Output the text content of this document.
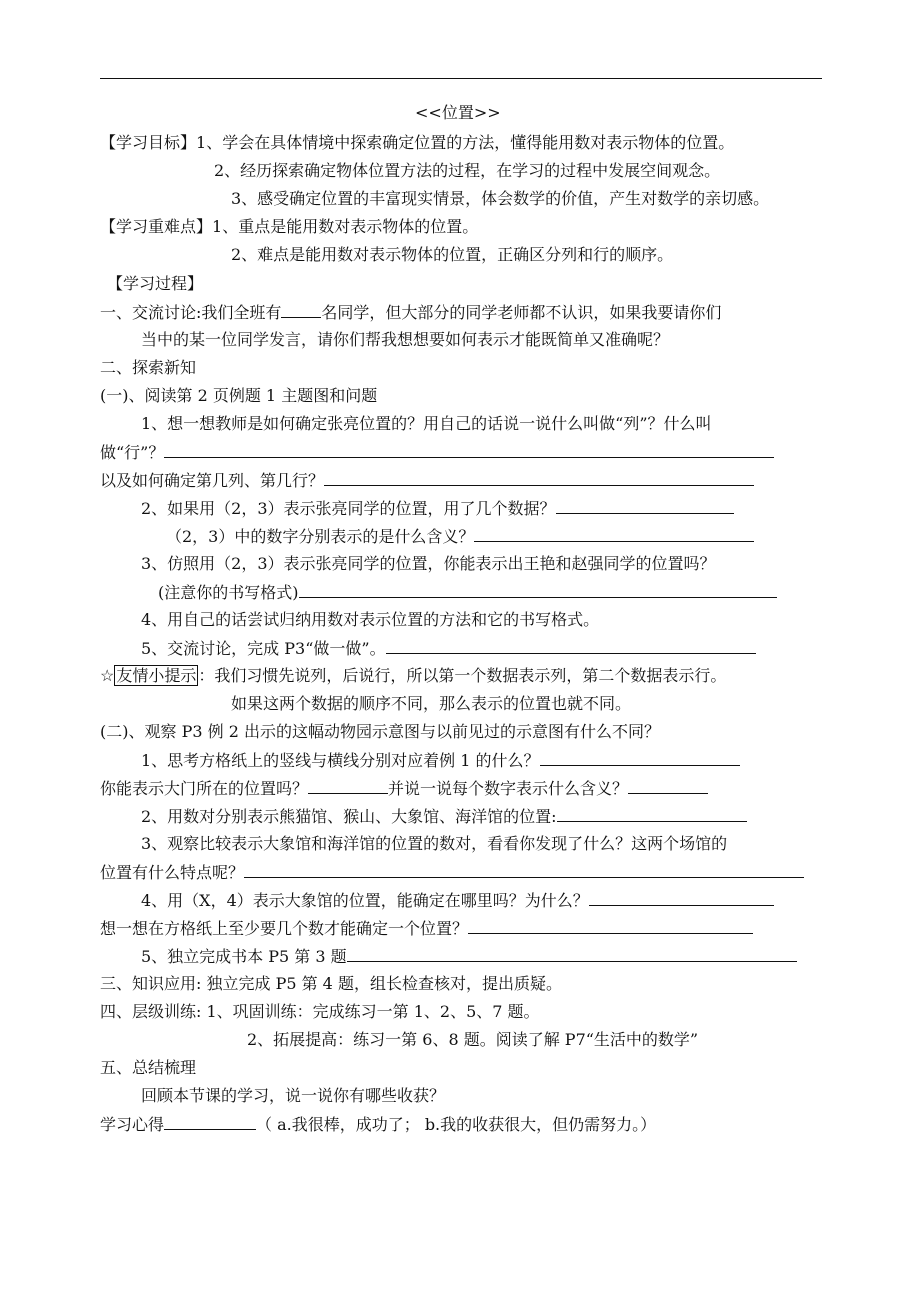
<<位置>>
【学习目标】1、学会在具体情境中探索确定位置的方法，懂得能用数对表示物体的位置。
2、经历探索确定物体位置方法的过程，在学习的过程中发展空间观念。
3、感受确定位置的丰富现实情景，体会数学的价值，产生对数学的亲切感。
【学习重难点】1、重点是能用数对表示物体的位置。
2、难点是能用数对表示物体的位置，正确区分列和行的顺序。
【学习过程】
一、交流讨论:我们全班有	名同学，但大部分的同学老师都不认识，如果我要请你们
当中的某一位同学发言，请你们帮我想想要如何表示才能既简单又准确呢？
二、探索新知
(一)、阅读第 2 页例题 1 主题图和问题
1、想一想教师是如何确定张亮位置的？用自己的话说一说什么叫做“列”？什么叫
做“行”？
以及如何确定第几列、第几行？
2、如果用（2，3）表示张亮同学的位置，用了几个数据？
（2，3）中的数字分别表示的是什么含义？
3、仿照用（2，3）表示张亮同学的位置，你能表示出王艳和赵强同学的位置吗？
(注意你的书写格式)
4、用自己的话尝试归纳用数对表示位置的方法和它的书写格式。
5、交流讨论，完成 P3“做一做”。
☆ 友情小提示 ：我们习惯先说列，后说行，所以第一个数据表示列，第二个数据表示行。
如果这两个数据的顺序不同，那么表示的位置也就不同。
(二)、观察 P3 例 2 出示的这幅动物园示意图与以前见过的示意图有什么不同？
1、思考方格纸上的竖线与横线分别对应着例 1 的什么？
你能表示大门所在的位置吗？	并说一说每个数字表示什么含义？
2、用数对分别表示熊猫馆、猴山、大象馆、海洋馆的位置:
3、观察比较表示大象馆和海洋馆的位置的数对，看看你发现了什么？这两个场馆的
位置有什么特点呢？
4、用（X，4）表示大象馆的位置，能确定在哪里吗？为什么？
想一想在方格纸上至少要几个数才能确定一个位置？
5、独立完成书本 P5 第 3 题
三、知识应用: 独立完成 P5 第 4 题，组长检查核对，提出质疑。
四、层级训练: 1、巩固训练：完成练习一第 1、2、5、7 题。
2、拓展提高：练习一第 6、8 题。阅读了解 P7“生活中的数学”
五、总结梳理
回顾本节课的学习，说一说你有哪些收获？
学习心得	（ a.我很棒，成功了； b.我的收获很大，但仍需努力。）
